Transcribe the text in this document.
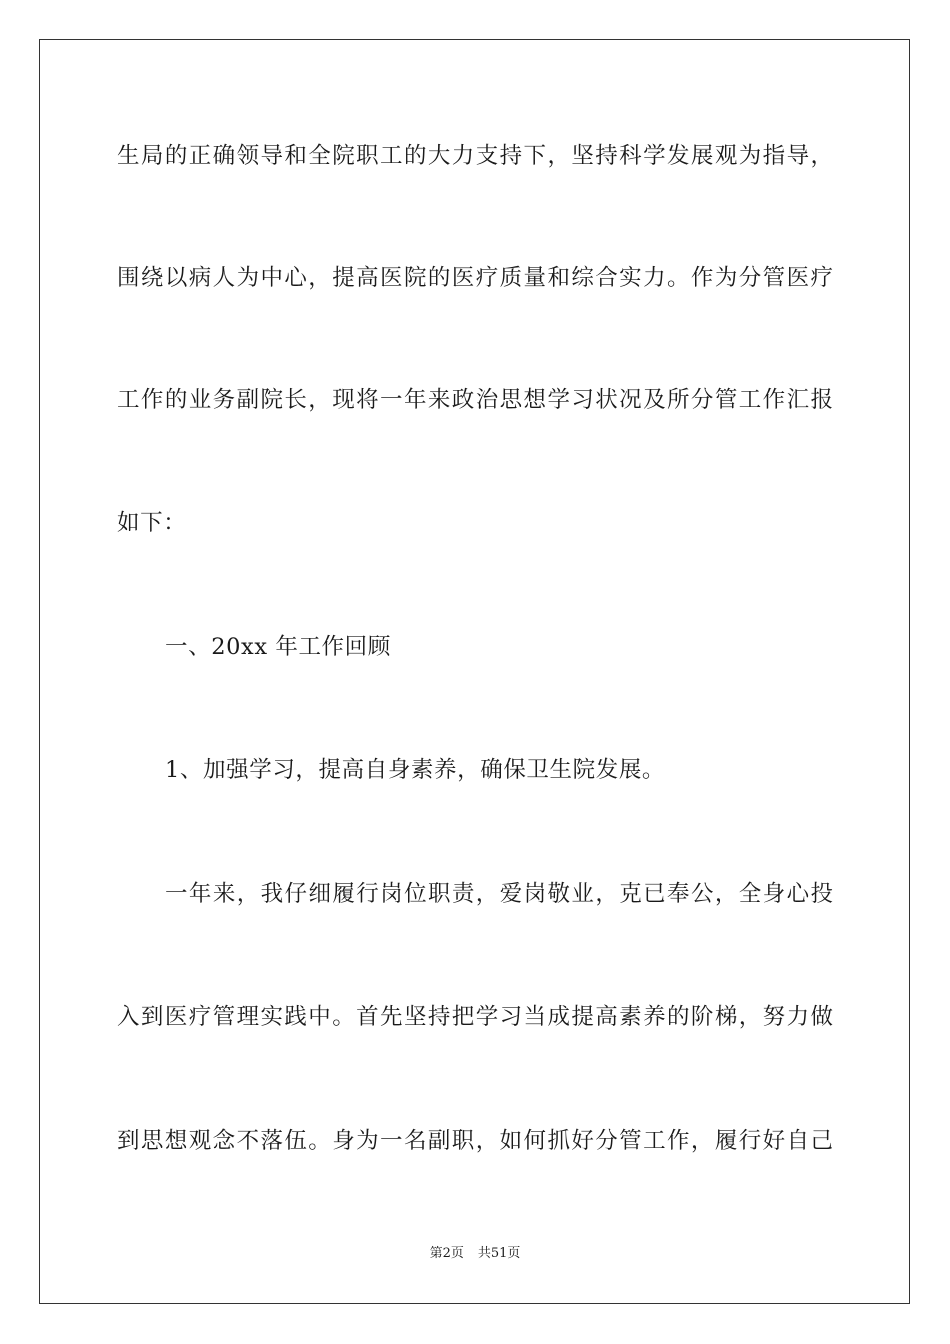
生局的正确领导和全院职工的大力支持下，坚持科学发展观为指导，
围绕以病人为中心，提高医院的医疗质量和综合实力。作为分管医疗
工作的业务副院长，现将一年来政治思想学习状况及所分管工作汇报
如下：
一、20xx 年工作回顾
1、加强学习，提高自身素养，确保卫生院发展。
一年来，我仔细履行岗位职责，爱岗敬业，克已奉公，全身心投
入到医疗管理实践中。首先坚持把学习当成提高素养的阶梯，努力做
到思想观念不落伍。身为一名副职，如何抓好分管工作，履行好自己
第2页 共51页
